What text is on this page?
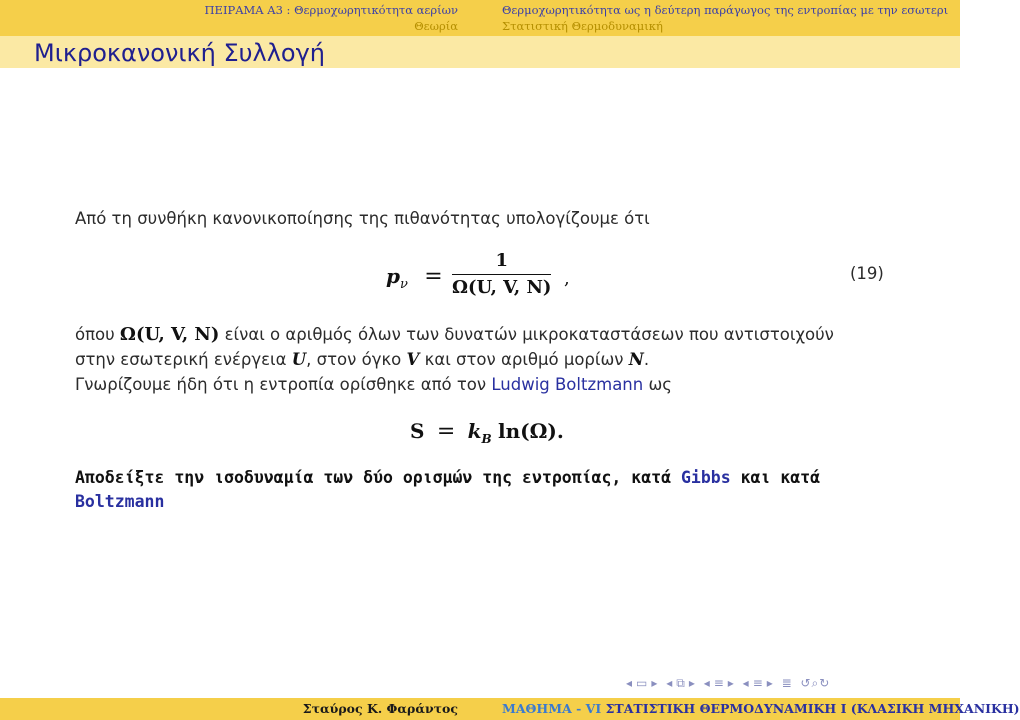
ΠΕΙΡΑΜΑ Α3 : Θερμοχωρητικότητα αερίων
Θεωρία
Θερμοχωρητικότητα ως η δεύτερη παράγωγος της εντροπίας με την εσωτερι
Στατιστική Θερμοδυναμική
Μικροκανονική Συλλογή
Από τη συνθήκη κανονικοποίησης της πιθανότητας υπολογίζουμε ότι
$p_\nu = \frac{1}{\Omega(U, V, N)}$ ,	(19)
όπου Ω(U, V, N) είναι ο αριθμός όλων των δυνατών μικροκαταστάσεων που αντιστοιχούν
στην εσωτερική ενέργεια U, στον όγκο V και στον αριθμό μορίων N.
Γνωρίζουμε ήδη ότι η εντροπία ορίσθηκε από τον Ludwig Boltzmann ως
$S = k_B$ ln(Ω).
Αποδείξτε την ισοδυναμία των δύο ορισμών της εντροπίας, κατά Gibbs και κατά Boltzmann
◂ ▭ ▸ ◂ ⧉ ▸ ◂ ≡ ▸ ◂ ≡ ▸ ≣ ↺⌕↻
Σταύρος Κ. Φαράντος	ΜΑΘΗΜΑ - VI ΣΤΑΤΙΣΤΙΚΗ ΘΕΡΜΟΔΥΝΑΜΙΚΗ Ι (ΚΛΑΣΙΚΗ ΜΗΧΑΝΙΚΗ)
